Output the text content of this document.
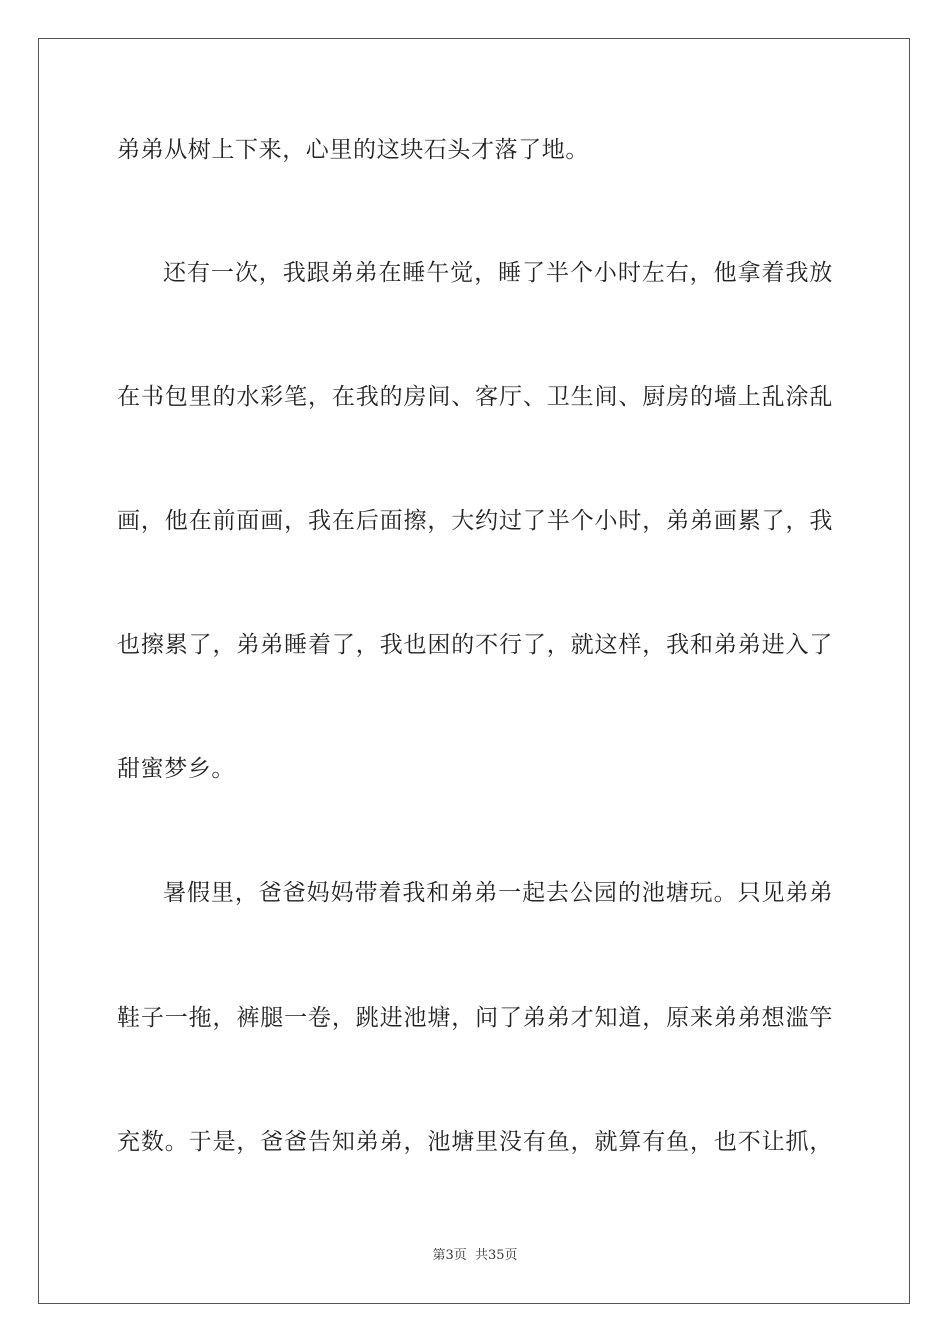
弟弟从树上下来，心里的这块石头才落了地。
还有一次，我跟弟弟在睡午觉，睡了半个小时左右，他拿着我放
在书包里的水彩笔，在我的房间、客厅、卫生间、厨房的墙上乱涂乱
画，他在前面画，我在后面擦，大约过了半个小时，弟弟画累了，我
也擦累了，弟弟睡着了，我也困的不行了，就这样，我和弟弟进入了
甜蜜梦乡。
暑假里，爸爸妈妈带着我和弟弟一起去公园的池塘玩。只见弟弟
鞋子一拖，裤腿一卷，跳进池塘，问了弟弟才知道，原来弟弟想滥竽
充数。于是，爸爸告知弟弟，池塘里没有鱼，就算有鱼，也不让抓，
第3页 共35页
